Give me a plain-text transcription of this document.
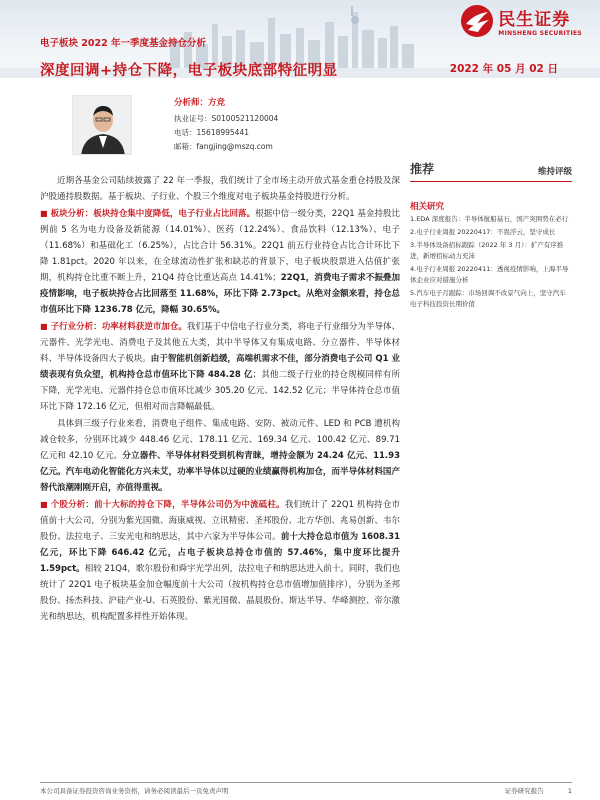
电子板块 2022 年一季度基金持仓分析
深度回调+持仓下降，电子板块底部特征明显	2022 年 05 月 02 日
民生证券
MINSHENG SECURITIES
分析师：方竞
执业证号：S0100521120004
电话：15618995441
邮箱：fangjing@mszq.com

近期各基金公司陆续披露了 22 年一季报，我们统计了全市场主动开放式基金重仓持股及深沪股通持股数据。基于板块、子行业、个股三个维度对电子板块基金持股进行分析。

■ 板块分析：板块持仓集中度降低，电子行业占比回落。根据中信一级分类，22Q1 基金持股比例前 5 名为电力设备及新能源（14.01%）、医药（12.24%）、食品饮料（12.13%）、电子（11.68%）和基础化工（6.25%），占比合计 56.31%。22Q1 前五行业持仓占比合计环比下降 1.81pct。2020 年以来，在全球流动性扩张和缺芯的背景下，电子板块股票进入估值扩张期，机构持仓比重不断上升，21Q4 持仓比重达高点 14.41%；22Q1，消费电子需求不振叠加疫情影响，电子板块持仓占比回落至 11.68%，环比下降 2.73pct。从绝对金额来看，持仓总市值环比下降 1236.78 亿元，降幅 30.65%。

■ 子行业分析：功率材料获逆市加仓。我们基于中信电子行业分类，将电子行业细分为半导体、元器件、光学光电、消费电子及其他五大类，其中半导体又有集成电路、分立器件、半导体材料、半导体设备四大子板块。由于智能机创新趋缓，高端机需求不佳，部分消费电子公司 Q1 业绩表现有负众望，机构持仓总市值环比下降 484.28 亿；其他二级子行业的持仓规模同样有所下降，光学光电、元器件持仓总市值环比减少 305.20 亿元、142.52 亿元；半导体持仓总市值环比下降 172.16 亿元，但相对而言降幅最低。

具体到三级子行业来看，消费电子组件、集成电路、安防、被动元件、LED 和 PCB 遭机构减仓较多，分别环比减少 448.46 亿元、178.11 亿元、169.34 亿元、100.42 亿元、89.71 亿元和 42.10 亿元。分立器件、半导体材料受到机构青睐，增持金额为 24.24 亿元、11.93 亿元。汽车电动化智能化方兴未艾，功率半导体以过硬的业绩赢得机构加仓，而半导体材料国产替代浪潮刚刚开启，亦值得重视。

■ 个股分析：前十大标的持仓下降，半导体公司仍为中流砥柱。我们统计了 22Q1 机构持仓市值前十大公司，分别为紫光国微、海康威视、立讯精密、圣邦股份、北方华创、兆易创新、韦尔股份、法拉电子、三安光电和纳思达，其中六家为半导体公司。前十大持仓总市值为 1608.31 亿元，环比下降 646.42 亿元，占电子板块总持仓市值的 57.46%，集中度环比提升 1.59pct。相较 21Q4，歌尔股份和舜宇光学出列，法拉电子和纳思达进入前十。同时，我们也统计了 22Q1 电子板块基金加仓幅度前十大公司（按机构持仓总市值增加值排序），分别为圣邦股份、扬杰科技、沪硅产业-U、石英股份、紫光国微、晶晨股份、斯达半导、华峰测控、帝尔激光和纳思达，机构配置多样性开始体现。

推荐	维持评级
相关研究
1.EDA 深度报告：半导体航船基石，国产突围势在必行
2.电子行业周报 20220417：不畏浮云，坚守成长
3.半导体设备招标跟踪（2022 年 3 月）：扩产有序推进，新增招标动力充沛
4.电子行业周报 20220411：透视疫情影响，上海半导体企业应对措施分析
5.汽车电子月跟踪：市场回调不改景气向上，坚守汽车电子科技投资长期价值
本公司具备证券投资咨询业务资格，请务必阅读最后一页免责声明	证券研究报告	1
